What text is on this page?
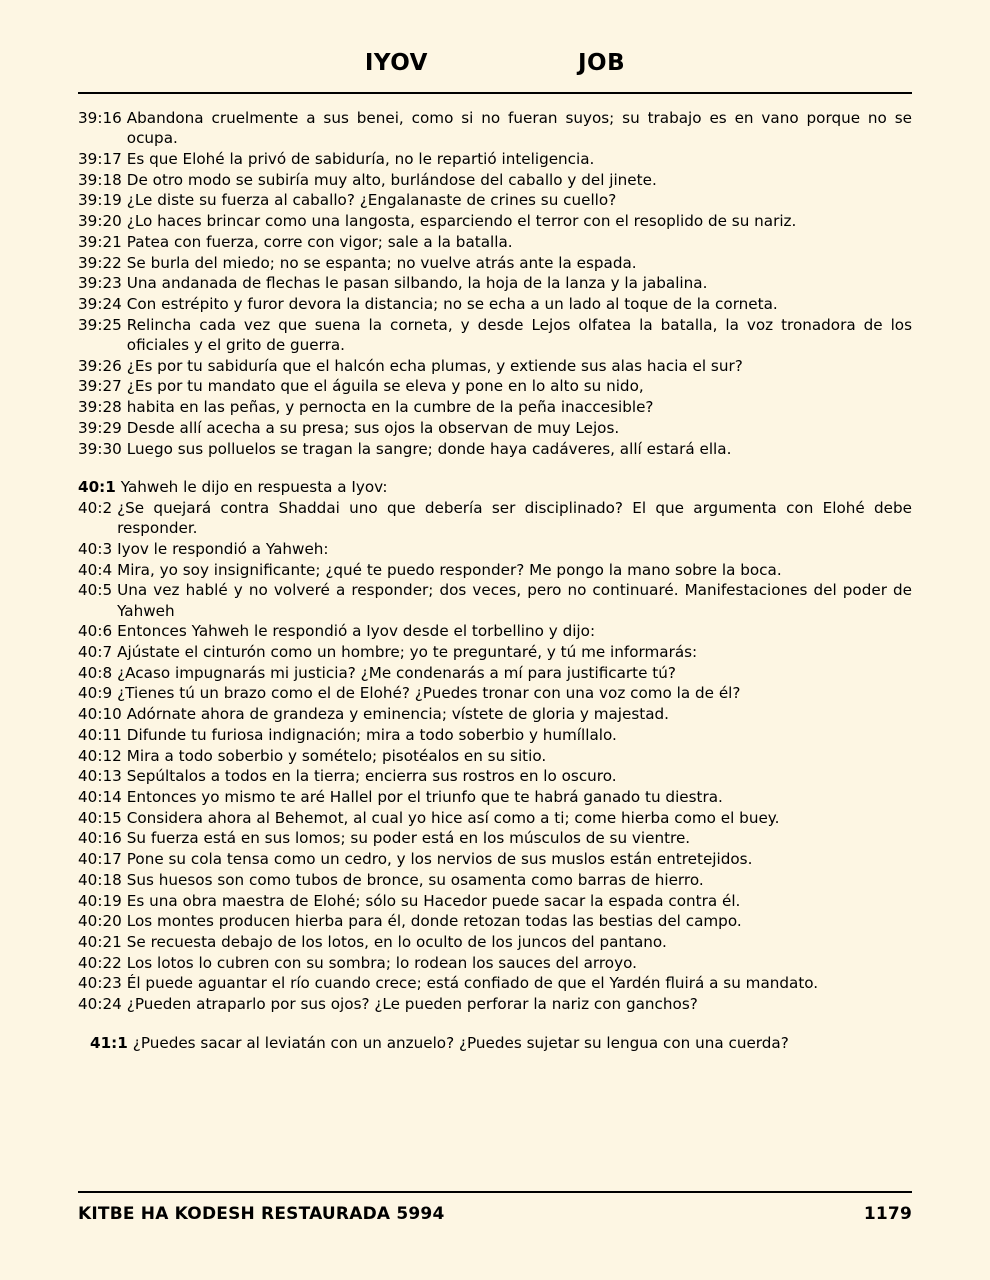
IYOV	JOB
39:16 Abandona cruelmente a sus benei, como si no fueran suyos; su trabajo es en vano porque no se ocupa.
39:17 Es que Elohé la privó de sabiduría, no le repartió inteligencia.
39:18 De otro modo se subiría muy alto, burlándose del caballo y del jinete.
39:19 ¿Le diste su fuerza al caballo? ¿Engalanaste de crines su cuello?
39:20 ¿Lo haces brincar como una langosta, esparciendo el terror con el resoplido de su nariz.
39:21 Patea con fuerza, corre con vigor; sale a la batalla.
39:22 Se burla del miedo; no se espanta; no vuelve atrás ante la espada.
39:23 Una andanada de flechas le pasan silbando, la hoja de la lanza y la jabalina.
39:24 Con estrépito y furor devora la distancia; no se echa a un lado al toque de la corneta.
39:25 Relincha cada vez que suena la corneta, y desde Lejos olfatea la batalla, la voz tronadora de los oficiales y el grito de guerra.
39:26 ¿Es por tu sabiduría que el halcón echa plumas, y extiende sus alas hacia el sur?
39:27 ¿Es por tu mandato que el águila se eleva y pone en lo alto su nido,
39:28 habita en las peñas, y pernocta en la cumbre de la peña inaccesible?
39:29 Desde allí acecha a su presa; sus ojos la observan de muy Lejos.
39:30 Luego sus polluelos se tragan la sangre; donde haya cadáveres, allí estará ella.
40:1 Yahweh le dijo en respuesta a Iyov:
40:2 ¿Se quejará contra Shaddai uno que debería ser disciplinado? El que argumenta con Elohé debe responder.
40:3 Iyov le respondió a Yahweh:
40:4 Mira, yo soy insignificante; ¿qué te puedo responder? Me pongo la mano sobre la boca.
40:5 Una vez hablé y no volveré a responder; dos veces, pero no continuaré. Manifestaciones del poder de Yahweh
40:6 Entonces Yahweh le respondió a Iyov desde el torbellino y dijo:
40:7 Ajústate el cinturón como un hombre; yo te preguntaré, y tú me informarás:
40:8 ¿Acaso impugnarás mi justicia? ¿Me condenarás a mí para justificarte tú?
40:9 ¿Tienes tú un brazo como el de Elohé? ¿Puedes tronar con una voz como la de él?
40:10 Adórnate ahora de grandeza y eminencia; vístete de gloria y majestad.
40:11 Difunde tu furiosa indignación; mira a todo soberbio y humíllalo.
40:12 Mira a todo soberbio y somételo; pisotéalos en su sitio.
40:13 Sepúltalos a todos en la tierra; encierra sus rostros en lo oscuro.
40:14 Entonces yo mismo te aré Hallel por el triunfo que te habrá ganado tu diestra.
40:15 Considera ahora al Behemot, al cual yo hice así como a ti; come hierba como el buey.
40:16 Su fuerza está en sus lomos; su poder está en los músculos de su vientre.
40:17 Pone su cola tensa como un cedro, y los nervios de sus muslos están entretejidos.
40:18 Sus huesos son como tubos de bronce, su osamenta como barras de hierro.
40:19 Es una obra maestra de Elohé; sólo su Hacedor puede sacar la espada contra él.
40:20 Los montes producen hierba para él, donde retozan todas las bestias del campo.
40:21 Se recuesta debajo de los lotos, en lo oculto de los juncos del pantano.
40:22 Los lotos lo cubren con su sombra; lo rodean los sauces del arroyo.
40:23 Él puede aguantar el río cuando crece; está confiado de que el Yardén fluirá a su mandato.
40:24 ¿Pueden atraparlo por sus ojos? ¿Le pueden perforar la nariz con ganchos?
41:1 ¿Puedes sacar al leviatán con un anzuelo? ¿Puedes sujetar su lengua con una cuerda?
KITBE HA KODESH RESTAURADA 5994	1179
